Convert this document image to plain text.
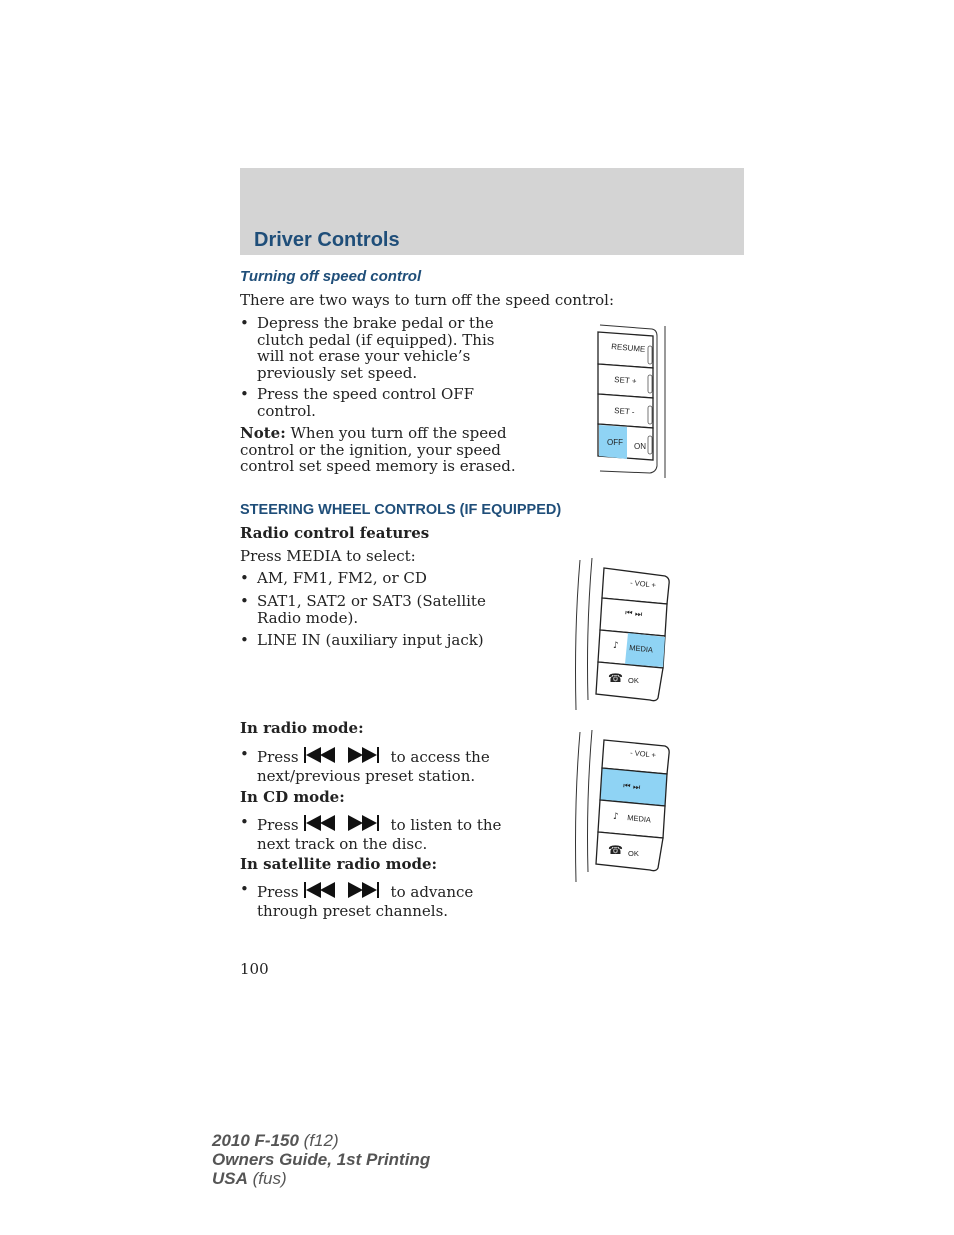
Driver Controls
Turning off speed control
There are two ways to turn off the speed control:
• Depress the brake pedal or the
clutch pedal (if equipped). This
will not erase your vehicle’s
previously set speed.
• Press the speed control OFF
control.
Note: When you turn off the speed
control or the ignition, your speed
control set speed memory is erased.
RESUME
SET +
SET -
OFF ON
STEERING WHEEL CONTROLS (IF EQUIPPED)
Radio control features
Press MEDIA to select:
• AM, FM1, FM2, or CD
• SAT1, SAT2 or SAT3 (Satellite
Radio mode).
• LINE IN (auxiliary input jack)
- VOL +
⏮ ⏭
♪ MEDIA
☎ OK
In radio mode:
• Press	to access the
next/previous preset station.
In CD mode:
• Press	to listen to the
next track on the disc.
In satellite radio mode:
• Press	to advance
through preset channels.
- VOL +
⏮ ⏭
♪ MEDIA
☎ OK
100
2010 F-150 (f12)
Owners Guide, 1st Printing
USA (fus)
